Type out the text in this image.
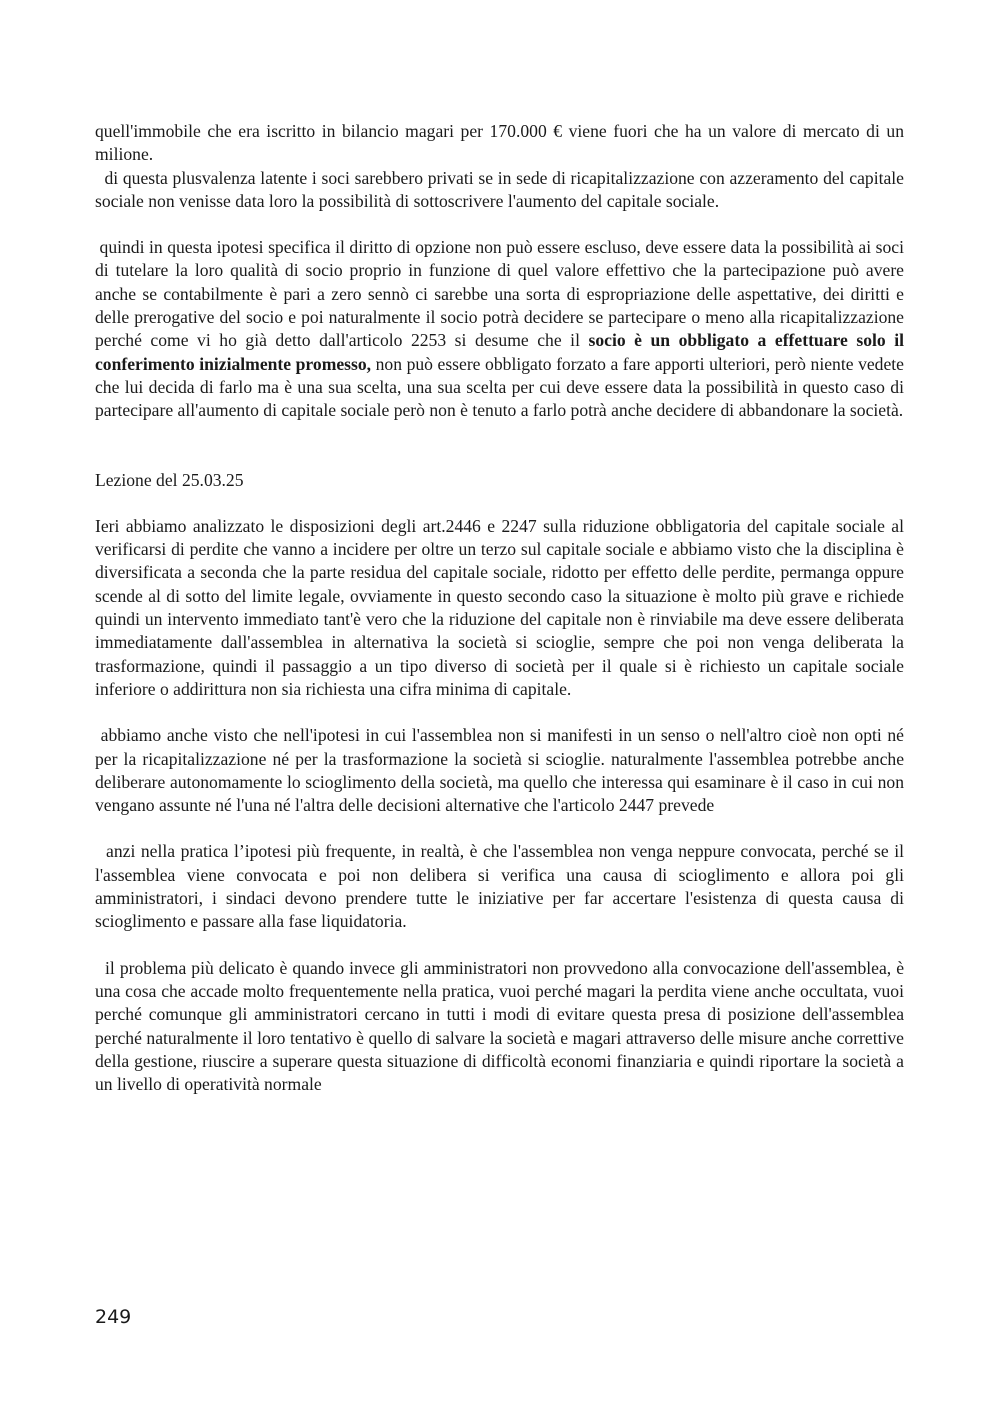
quell'immobile che era iscritto in bilancio magari per 170.000 € viene fuori che ha un valore di mercato di un milione.

di questa plusvalenza latente i soci sarebbero privati se in sede di ricapitalizzazione con azzeramento del capitale sociale non venisse data loro la possibilità di sottoscrivere l'aumento del capitale sociale.

quindi in questa ipotesi specifica il diritto di opzione non può essere escluso, deve essere data la possibilità ai soci di tutelare la loro qualità di socio proprio in funzione di quel valore effettivo che la partecipazione può avere anche se contabilmente è pari a zero sennò ci sarebbe una sorta di espropriazione delle aspettative, dei diritti e delle prerogative del socio e poi naturalmente il socio potrà decidere se partecipare o meno alla ricapitalizzazione perché come vi ho già detto dall'articolo 2253 si desume che il socio è un obbligato a effettuare solo il conferimento inizialmente promesso, non può essere obbligato forzato a fare apporti ulteriori, però niente vedete che lui decida di farlo ma è una sua scelta, una sua scelta per cui deve essere data la possibilità in questo caso di partecipare all'aumento di capitale sociale però non è tenuto a farlo potrà anche decidere di abbandonare la società.

Lezione del 25.03.25

Ieri abbiamo analizzato le disposizioni degli art.2446 e 2247 sulla riduzione obbligatoria del capitale sociale al verificarsi di perdite che vanno a incidere per oltre un terzo sul capitale sociale e abbiamo visto che la disciplina è diversificata a seconda che la parte residua del capitale sociale, ridotto per effetto delle perdite, permanga oppure scende al di sotto del limite legale, ovviamente in questo secondo caso la situazione è molto più grave e richiede quindi un intervento immediato tant'è vero che la riduzione del capitale non è rinviabile ma deve essere deliberata immediatamente dall'assemblea in alternativa la società si scioglie, sempre che poi non venga deliberata la trasformazione, quindi il passaggio a un tipo diverso di società per il quale si è richiesto un capitale sociale inferiore o addirittura non sia richiesta una cifra minima di capitale.

abbiamo anche visto che nell'ipotesi in cui l'assemblea non si manifesti in un senso o nell'altro cioè non opti né per la ricapitalizzazione né per la trasformazione la società si scioglie. naturalmente l'assemblea potrebbe anche deliberare autonomamente lo scioglimento della società, ma quello che interessa qui esaminare è il caso in cui non vengano assunte né l'una né l'altra delle decisioni alternative che l'articolo 2447 prevede

anzi nella pratica l’ipotesi più frequente, in realtà, è che l'assemblea non venga neppure convocata, perché se il l'assemblea viene convocata e poi non delibera si verifica una causa di scioglimento e allora poi gli amministratori, i sindaci devono prendere tutte le iniziative per far accertare l'esistenza di questa causa di scioglimento e passare alla fase liquidatoria.

il problema più delicato è quando invece gli amministratori non provvedono alla convocazione dell'assemblea, è una cosa che accade molto frequentemente nella pratica, vuoi perché magari la perdita viene anche occultata, vuoi perché comunque gli amministratori cercano in tutti i modi di evitare questa presa di posizione dell'assemblea perché naturalmente il loro tentativo è quello di salvare la società e magari attraverso delle misure anche correttive della gestione, riuscire a superare questa situazione di difficoltà economi finanziaria e quindi riportare la società a un livello di operatività normale

249
